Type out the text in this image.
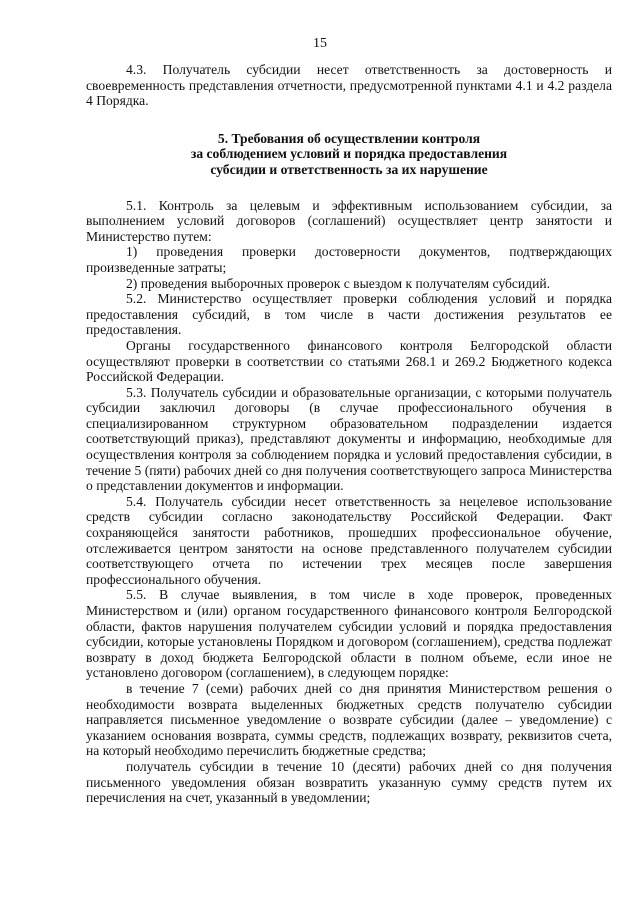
15

4.3. Получатель субсидии несет ответственность за достоверность и своевременность представления отчетности, предусмотренной пунктами 4.1 и 4.2 раздела 4 Порядка.

5. Требования об осуществлении контроля
за соблюдением условий и порядка предоставления
субсидии и ответственность за их нарушение

5.1. Контроль за целевым и эффективным использованием субсидии, за выполнением условий договоров (соглашений) осуществляет центр занятости и Министерство путем:

1) проведения проверки достоверности документов, подтверждающих произведенные затраты;

2) проведения выборочных проверок с выездом к получателям субсидий.

5.2. Министерство осуществляет проверки соблюдения условий и порядка предоставления субсидий, в том числе в части достижения результатов ее предоставления.

Органы государственного финансового контроля Белгородской области осуществляют проверки в соответствии со статьями 268.1 и 269.2 Бюджетного кодекса Российской Федерации.

5.3. Получатель субсидии и образовательные организации, с которыми получатель субсидии заключил договоры (в случае профессионального обучения в специализированном структурном образовательном подразделении издается соответствующий приказ), представляют документы и информацию, необходимые для осуществления контроля за соблюдением порядка и условий предоставления субсидии, в течение 5 (пяти) рабочих дней со дня получения соответствующего запроса Министерства о представлении документов и информации.

5.4. Получатель субсидии несет ответственность за нецелевое использование средств субсидии согласно законодательству Российской Федерации. Факт сохраняющейся занятости работников, прошедших профессиональное обучение, отслеживается центром занятости на основе представленного получателем субсидии соответствующего отчета по истечении трех месяцев после завершения профессионального обучения.

5.5. В случае выявления, в том числе в ходе проверок, проведенных Министерством и (или) органом государственного финансового контроля Белгородской области, фактов нарушения получателем субсидии условий и порядка предоставления субсидии, которые установлены Порядком и договором (соглашением), средства подлежат возврату в доход бюджета Белгородской области в полном объеме, если иное не установлено договором (соглашением), в следующем порядке:

в течение 7 (семи) рабочих дней со дня принятия Министерством решения о необходимости возврата выделенных бюджетных средств получателю субсидии направляется письменное уведомление о возврате субсидии (далее – уведомление) с указанием основания возврата, суммы средств, подлежащих возврату, реквизитов счета, на который необходимо перечислить бюджетные средства;

получатель субсидии в течение 10 (десяти) рабочих дней со дня получения письменного уведомления обязан возвратить указанную сумму средств путем их перечисления на счет, указанный в уведомлении;
